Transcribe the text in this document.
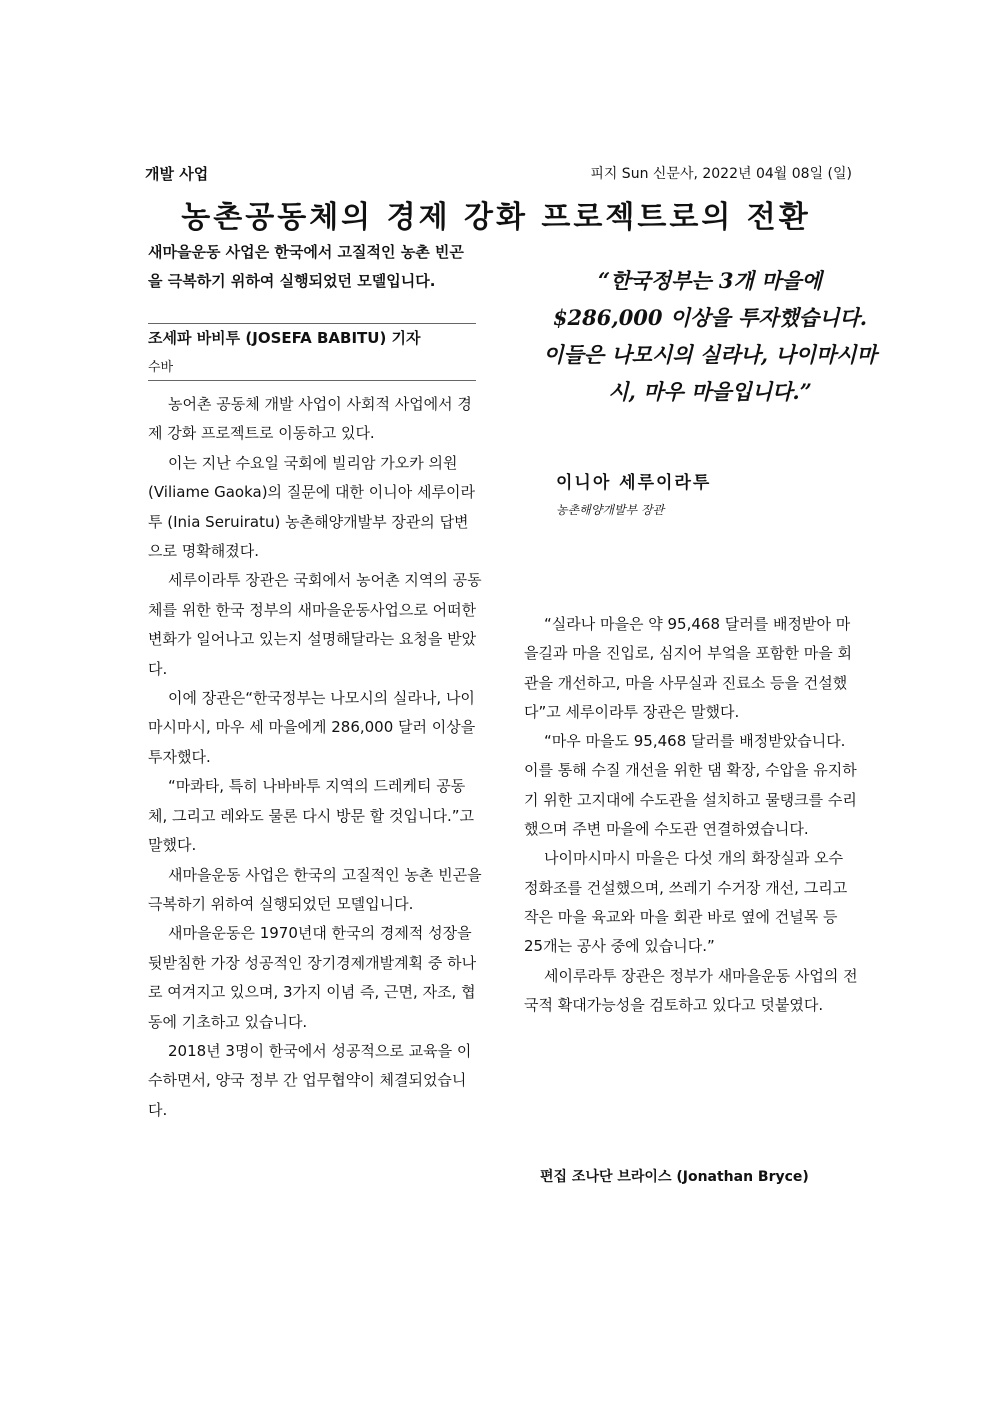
개발 사업	피지 Sun 신문사, 2022년 04월 08일 (일)
농촌공동체의 경제 강화 프로젝트로의 전환
새마을운동 사업은 한국에서 고질적인 농촌 빈곤을 극복하기 위하여 실행되었던 모델입니다.
조세파 바비투 (JOSEFA BABITU) 기자
수바

농어촌 공동체 개발 사업이 사회적 사업에서 경제 강화 프로젝트로 이동하고 있다.

이는 지난 수요일 국회에 빌리암 가오카 의원(Viliame Gaoka)의 질문에 대한 이니아 세루이라투 (Inia Seruiratu) 농촌해양개발부 장관의 답변으로 명확해졌다.

세루이라투 장관은 국회에서 농어촌 지역의 공동체를 위한 한국 정부의 새마을운동사업으로 어떠한 변화가 일어나고 있는지 설명해달라는 요청을 받았다.

이에 장관은“한국정부는 나모시의 실라나, 나이마시마시, 마우 세 마을에게 286,000 달러 이상을 투자했다.

“마콰타, 특히 나바바투 지역의 드레케티 공동체, 그리고 레와도 물론 다시 방문 할 것입니다.”고 말했다.

새마을운동 사업은 한국의 고질적인 농촌 빈곤을 극복하기 위하여 실행되었던 모델입니다.

새마을운동은 1970년대 한국의 경제적 성장을 뒷받침한 가장 성공적인 장기경제개발계획 중 하나로 여겨지고 있으며, 3가지 이념 즉, 근면, 자조, 협동에 기초하고 있습니다.

2018년 3명이 한국에서 성공적으로 교육을 이수하면서, 양국 정부 간 업무협약이 체결되었습니다.

“한국정부는 3개 마을에 $286,000 이상을 투자했습니다. 이들은 나모시의 실라나, 나이마시마시, 마우 마을입니다.”
이니아 세루이라투
농촌해양개발부 장관

“실라나 마을은 약 95,468 달러를 배정받아 마을길과 마을 진입로, 심지어 부엌을 포함한 마을 회관을 개선하고, 마을 사무실과 진료소 등을 건설했다”고 세루이라투 장관은 말했다.

“마우 마을도 95,468 달러를 배정받았습니다. 이를 통해 수질 개선을 위한 댐 확장, 수압을 유지하기 위한 고지대에 수도관을 설치하고 물탱크를 수리했으며 주변 마을에 수도관 연결하였습니다.

나이마시마시 마을은 다섯 개의 화장실과 오수 정화조를 건설했으며, 쓰레기 수거장 개선, 그리고 작은 마을 육교와 마을 회관 바로 옆에 건널목 등 25개는 공사 중에 있습니다.”

세이루라투 장관은 정부가 새마을운동 사업의 전국적 확대가능성을 검토하고 있다고 덧붙였다.

편집 조나단 브라이스 (Jonathan Bryce)
